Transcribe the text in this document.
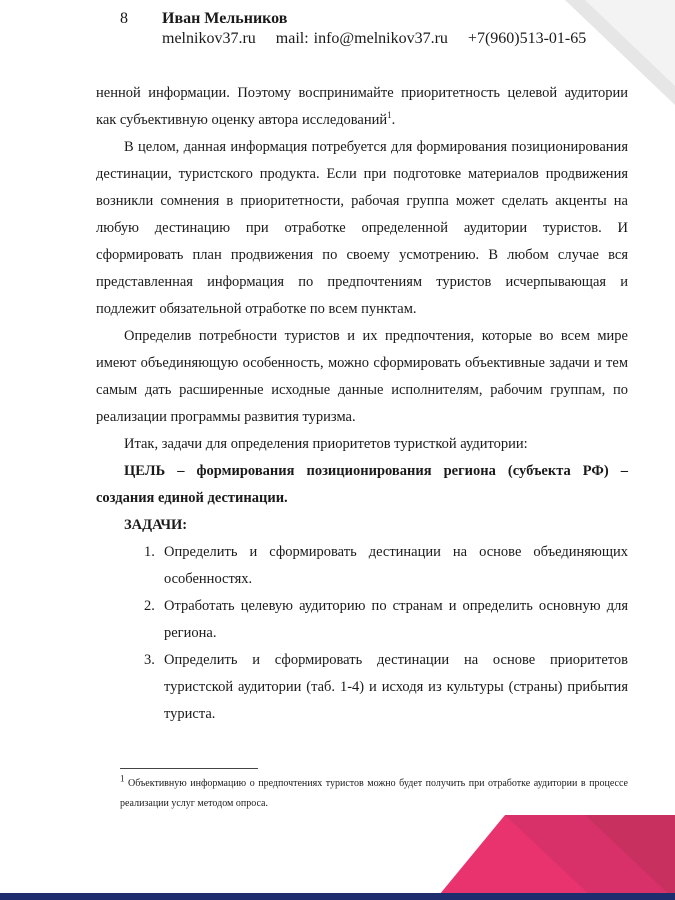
8 Иван Мельников
melnikov37.ru    mail: info@melnikov37.ru    +7(960)513-01-65

ненной информации. Поэтому воспринимайте приоритетность целевой аудитории как субъективную оценку автора исследований$^1$.

В целом, данная информация потребуется для формирования позиционирования дестинации, туристского продукта. Если при подготовке материалов продвижения возникли сомнения в приоритетности, рабочая группа может сделать акценты на любую дестинацию при отработке определенной аудитории туристов. И сформировать план продвижения по своему усмотрению. В любом случае вся представленная информация по предпочтениям туристов исчерпывающая и подлежит обязательной отработке по всем пунктам.

Определив потребности туристов и их предпочтения, которые во всем мире имеют объединяющую особенность, можно сформировать объективные задачи и тем самым дать расширенные исходные данные исполнителям, рабочим группам, по реализации программы развития туризма.

Итак, задачи для определения приоритетов туристкой аудитории:

ЦЕЛЬ – формирования позиционирования региона (субъекта РФ) – создания единой дестинации.

ЗАДАЧИ:

1. Определить и сформировать дестинации на основе объединяющих особенностях.
2. Отработать целевую аудиторию по странам и определить основную для региона.
3. Определить и сформировать дестинации на основе приоритетов туристской аудитории (таб. 1-4) и исходя из культуры (страны) прибытия туриста.
$^1$ Объективную информацию о предпочтениях туристов можно будет получить при отработке аудитории в процессе реализации услуг методом опроса.
